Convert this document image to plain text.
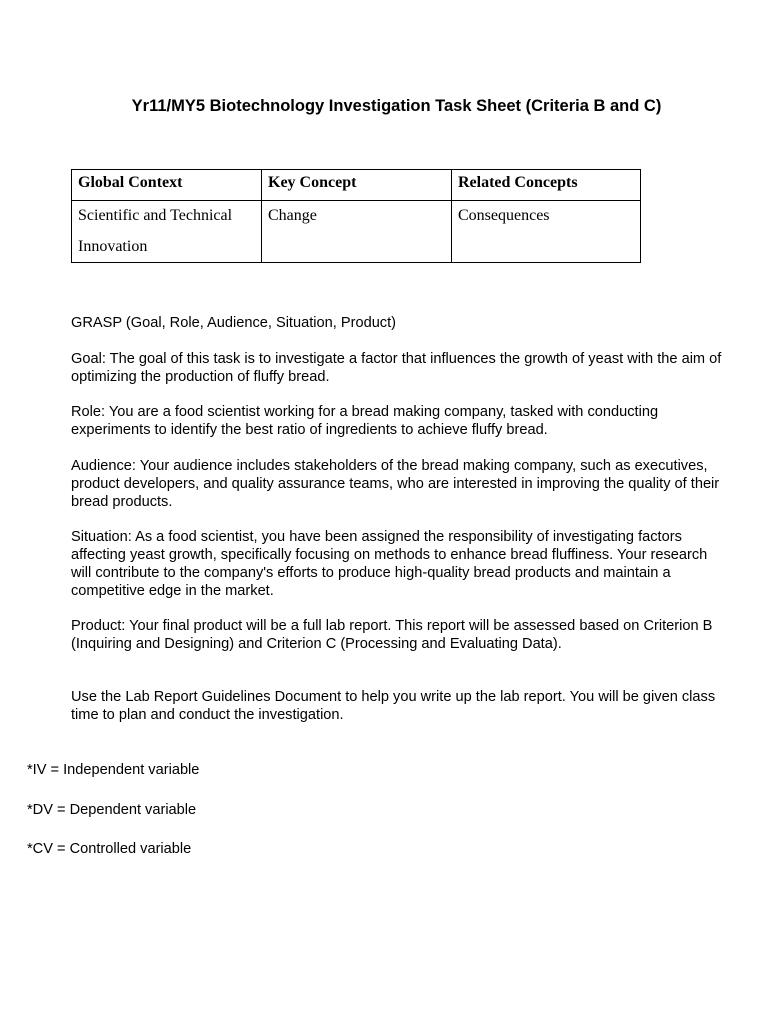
Yr11/MY5 Biotechnology Investigation Task Sheet (Criteria B and C)
Global Context	Key Concept	Related Concepts
Scientific and Technical Innovation	Change	Consequences

GRASP (Goal, Role, Audience, Situation, Product)

Goal: The goal of this task is to investigate a factor that influences the growth of yeast with the aim of optimizing the production of fluffy bread.

Role: You are a food scientist working for a bread making company, tasked with conducting experiments to identify the best ratio of ingredients to achieve fluffy bread.

Audience: Your audience includes stakeholders of the bread making company, such as executives, product developers, and quality assurance teams, who are interested in improving the quality of their bread products.

Situation: As a food scientist, you have been assigned the responsibility of investigating factors affecting yeast growth, specifically focusing on methods to enhance bread fluffiness. Your research will contribute to the company's efforts to produce high-quality bread products and maintain a competitive edge in the market.

Product: Your final product will be a full lab report. This report will be assessed based on Criterion B (Inquiring and Designing) and Criterion C (Processing and Evaluating Data).

Use the Lab Report Guidelines Document to help you write up the lab report. You will be given class time to plan and conduct the investigation.

*IV = Independent variable

*DV = Dependent variable

*CV = Controlled variable
